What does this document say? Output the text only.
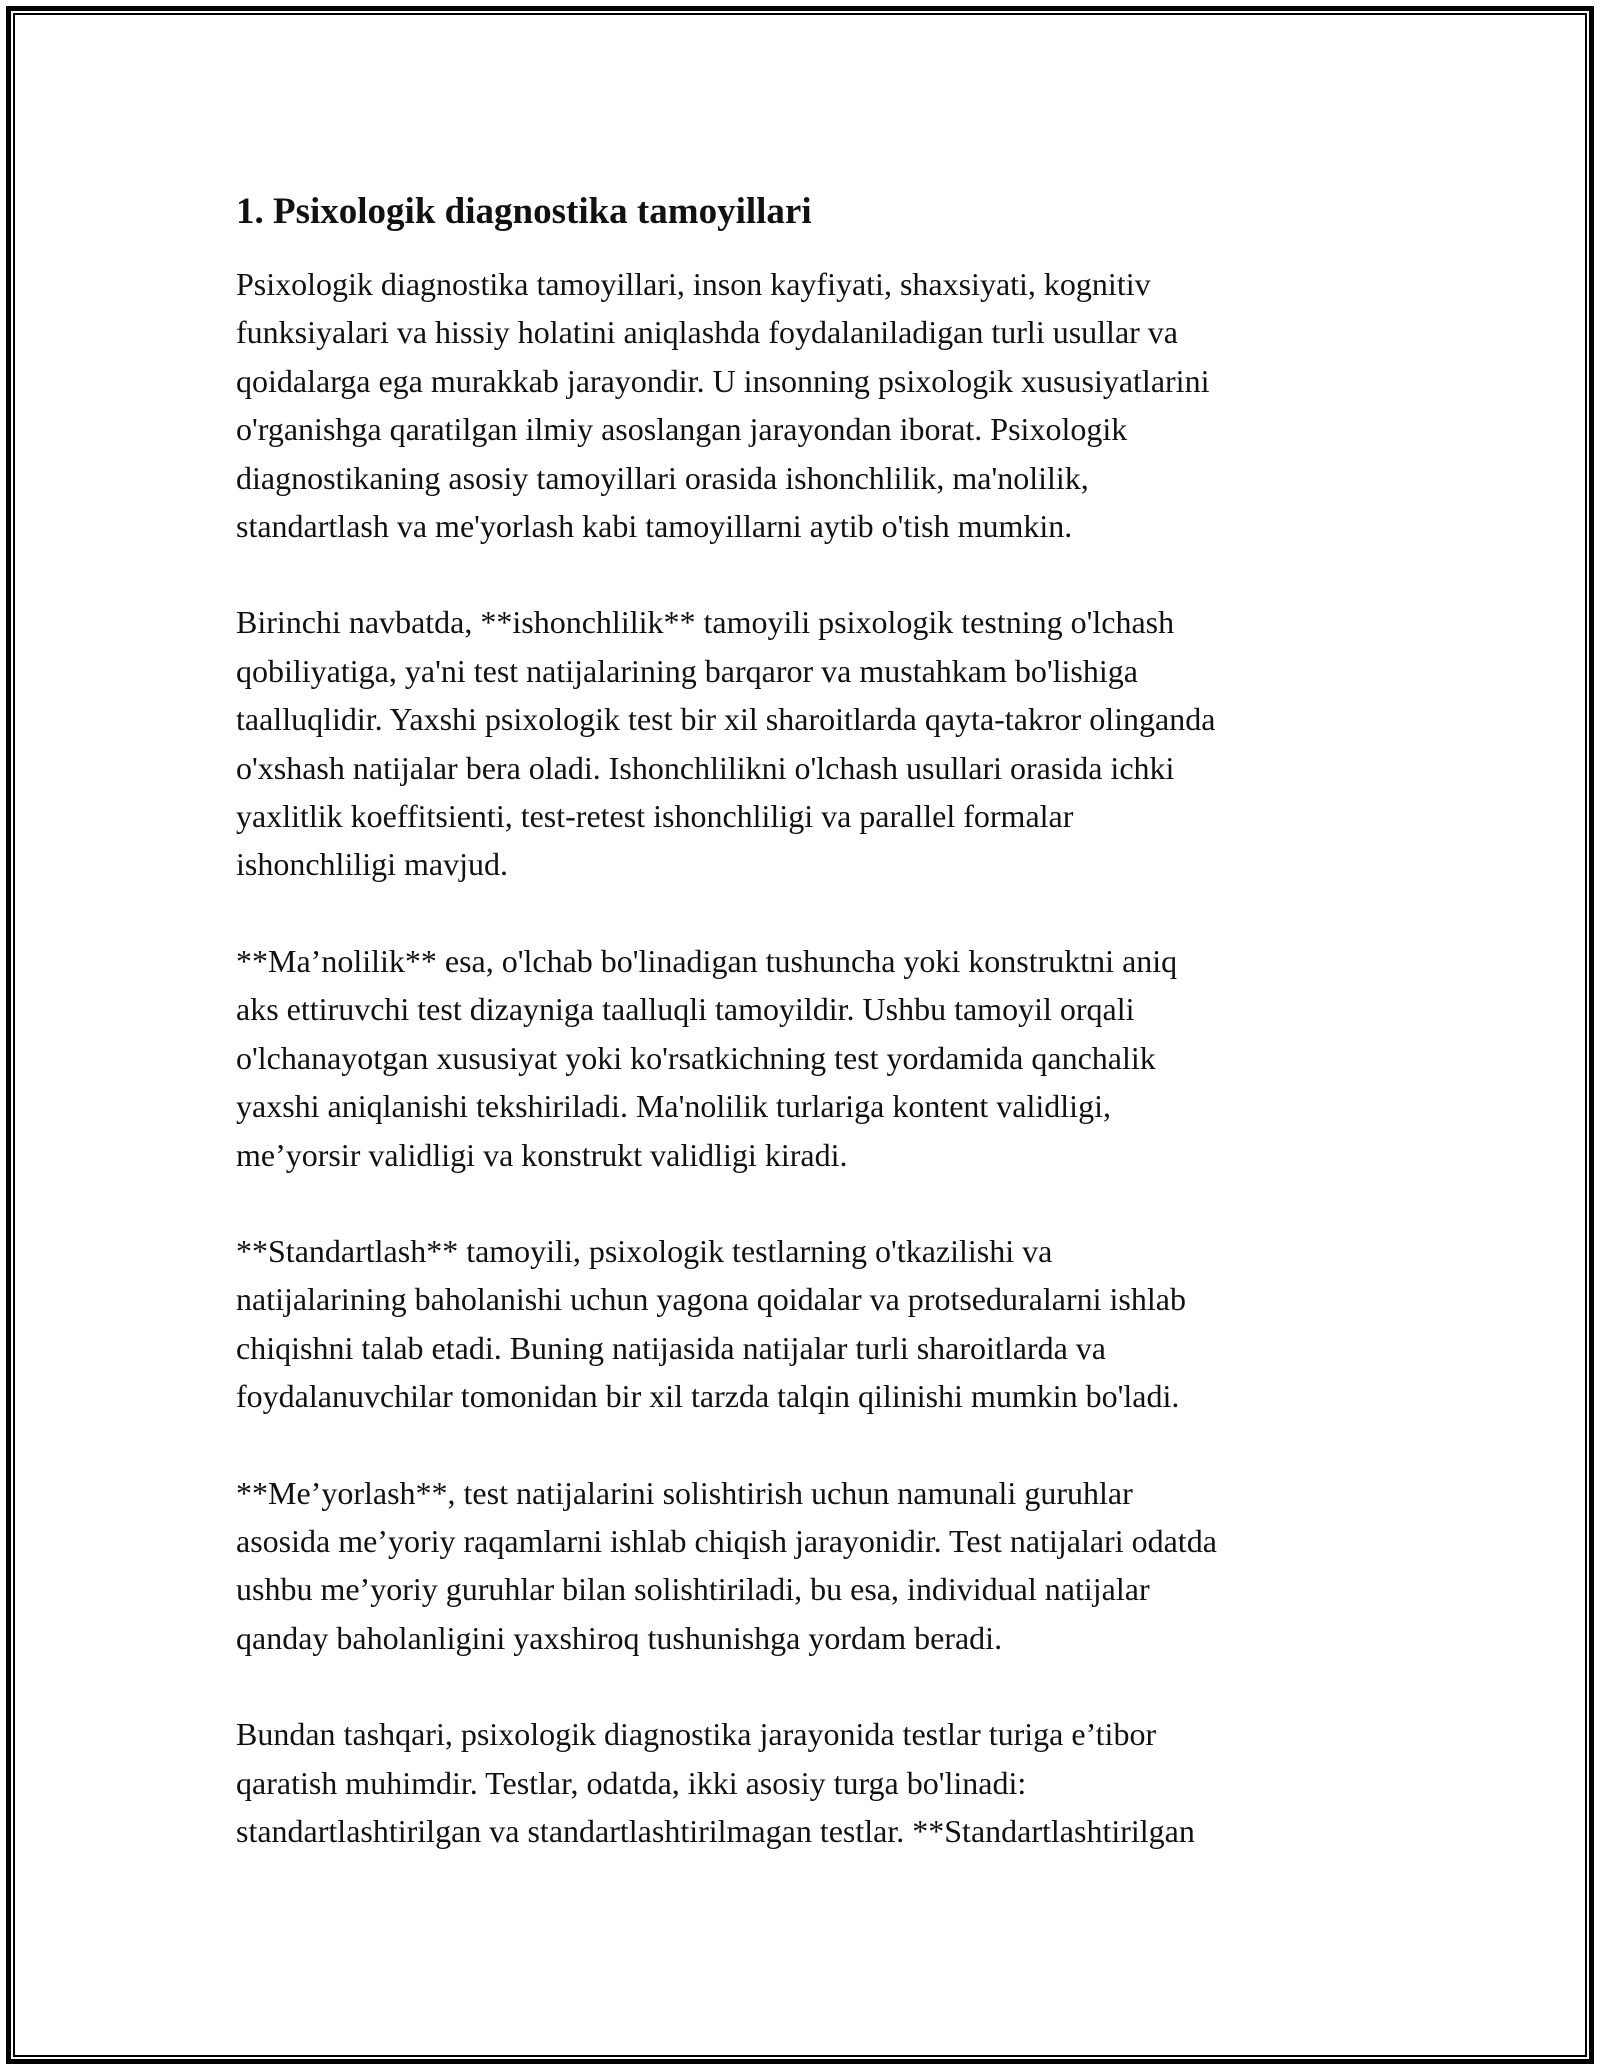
1. Psixologik diagnostika tamoyillari

Psixologik diagnostika tamoyillari, inson kayfiyati, shaxsiyati, kognitiv
funksiyalari va hissiy holatini aniqlashda foydalaniladigan turli usullar va
qoidalarga ega murakkab jarayondir. U insonning psixologik xususiyatlarini
o'rganishga qaratilgan ilmiy asoslangan jarayondan iborat. Psixologik
diagnostikaning asosiy tamoyillari orasida ishonchlilik, ma'nolilik,
standartlash va me'yorlash kabi tamoyillarni aytib o'tish mumkin.

Birinchi navbatda, **ishonchlilik** tamoyili psixologik testning o'lchash
qobiliyatiga, ya'ni test natijalarining barqaror va mustahkam bo'lishiga
taalluqlidir. Yaxshi psixologik test bir xil sharoitlarda qayta-takror olinganda
o'xshash natijalar bera oladi. Ishonchlilikni o'lchash usullari orasida ichki
yaxlitlik koeffitsienti, test-retest ishonchliligi va parallel formalar
ishonchliligi mavjud.

**Ma’nolilik** esa, o'lchab bo'linadigan tushuncha yoki konstruktni aniq
aks ettiruvchi test dizayniga taalluqli tamoyildir. Ushbu tamoyil orqali
o'lchanayotgan xususiyat yoki ko'rsatkichning test yordamida qanchalik
yaxshi aniqlanishi tekshiriladi. Ma'nolilik turlariga kontent validligi,
me’yorsir validligi va konstrukt validligi kiradi.

**Standartlash** tamoyili, psixologik testlarning o'tkazilishi va
natijalarining baholanishi uchun yagona qoidalar va protseduralarni ishlab
chiqishni talab etadi. Buning natijasida natijalar turli sharoitlarda va
foydalanuvchilar tomonidan bir xil tarzda talqin qilinishi mumkin bo'ladi.

**Me’yorlash**, test natijalarini solishtirish uchun namunali guruhlar
asosida me’yoriy raqamlarni ishlab chiqish jarayonidir. Test natijalari odatda
ushbu me’yoriy guruhlar bilan solishtiriladi, bu esa, individual natijalar
qanday baholanligini yaxshiroq tushunishga yordam beradi.

Bundan tashqari, psixologik diagnostika jarayonida testlar turiga e’tibor
qaratish muhimdir. Testlar, odatda, ikki asosiy turga bo'linadi:
standartlashtirilgan va standartlashtirilmagan testlar. **Standartlashtirilgan
